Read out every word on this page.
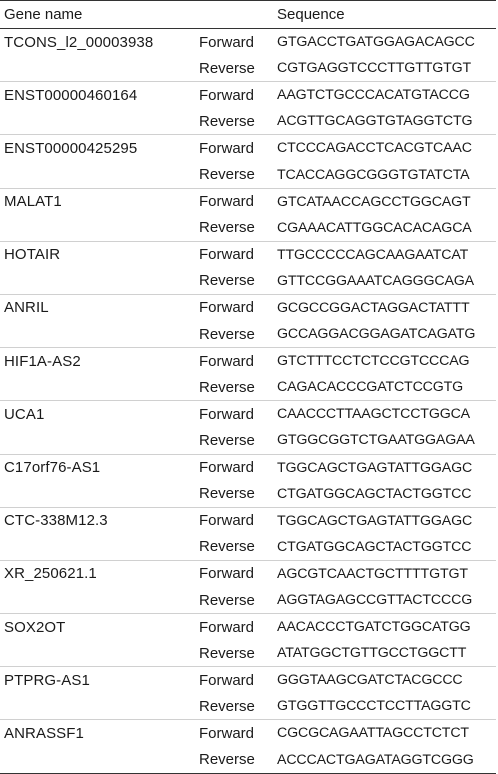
Gene name		Sequence
TCONS_l2_00003938	Forward	GTGACCTGATGGAGACAGCC
	Reverse	CGTGAGGTCCCTTGTTGTGT
ENST00000460164	Forward	AAGTCTGCCCACATGTACCG
	Reverse	ACGTTGCAGGTGTAGGTCTG
ENST00000425295	Forward	CTCCCAGACCTCACGTCAAC
	Reverse	TCACCAGGCGGGTGTATCTA
MALAT1	Forward	GTCATAACCAGCCTGGCAGT
	Reverse	CGAAACATTGGCACACAGCA
HOTAIR	Forward	TTGCCCCCAGCAAGAATCAT
	Reverse	GTTCCGGAAATCAGGGCAGA
ANRIL	Forward	GCGCCGGACTAGGACTATTT
	Reverse	GCCAGGACGGAGATCAGATG
HIF1A-AS2	Forward	GTCTTTCCTCTCCGTCCCAG
	Reverse	CAGACACCCGATCTCCGTG
UCA1	Forward	CAACCCTTAAGCTCCTGGCA
	Reverse	GTGGCGGTCTGAATGGAGAA
C17orf76-AS1	Forward	TGGCAGCTGAGTATTGGAGC
	Reverse	CTGATGGCAGCTACTGGTCC
CTC-338M12.3	Forward	TGGCAGCTGAGTATTGGAGC
	Reverse	CTGATGGCAGCTACTGGTCC
XR_250621.1	Forward	AGCGTCAACTGCTTTTGTGT
	Reverse	AGGTAGAGCCGTTACTCCCG
SOX2OT	Forward	AACACCCTGATCTGGCATGG
	Reverse	ATATGGCTGTTGCCTGGCTT
PTPRG-AS1	Forward	GGGTAAGCGATCTACGCCC
	Reverse	GTGGTTGCCCTCCTTAGGTC
ANRASSF1	Forward	CGCGCAGAATTAGCCTCTCT
	Reverse	ACCCACTGAGATAGGTCGGG
